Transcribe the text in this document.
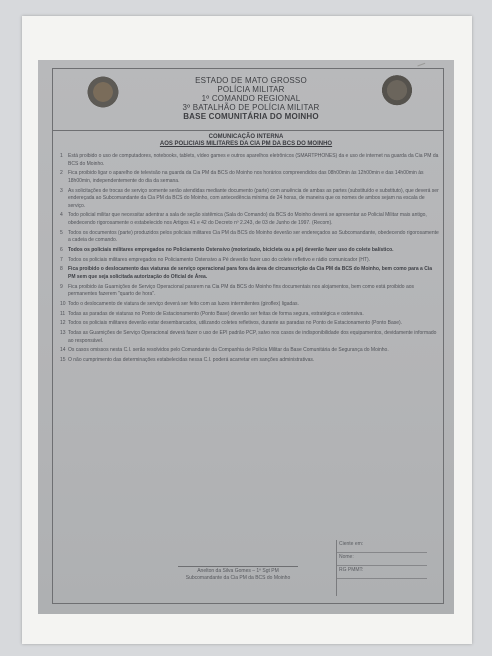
ESTADO DE MATO GROSSO
POLÍCIA MILITAR
1º COMANDO REGIONAL
3º BATALHÃO DE POLÍCIA MILITAR
BASE COMUNITÁRIA DO MOINHO
COMUNICAÇÃO INTERNA
AOS POLICIAIS MILITARES DA CIA PM DA BCS DO MOINHO
1	Está proibido o uso de computadores, notebooks, tablets, vídeo games e outros aparelhos eletrônicos (SMARTPHONES) da e uso de internet na guarda da Cia PM da BCS do Moinho.
2	Fica proibido ligar o aparelho de televisão na guarda da Cia PM da BCS do Moinho nos horários compreendidos das 08h00min às 12h00min e das 14h00min às 18h00min, independentemente do dia da semana.
3	As solicitações de trocas de serviço somente serão atendidas mediante documento (parte) com anuência de ambas as partes (substituído e substituto), que deverá ser endereçada ao Subcomandante da Cia PM da BCS do Moinho, com antecedência mínima de 24 horas, de maneira que os nomes de ambos sejam na escala de serviço.
4	Todo policial militar que necessitar adentrar a sala de seção sistêmica (Sala do Comando) da BCS do Moinho deverá se apresentar ao Policial Militar mais antigo, obedecendo rigorosamente o estabelecido nos Artigos 41 e 42 do Decreto nº 2.243, de 03 de Junho de 1997. (Recom).
5	Todos os documentos (parte) produzidos pelos policiais militares Cia PM da BCS do Moinho deverão ser endereçados ao Subcomandante, obedecendo rigorosamente a cadeia de comando.
6	Todos os policiais militares empregados no Policiamento Ostensivo (motorizado, bicicleta ou a pé) deverão fazer uso do colete balístico.
7	Todos os policiais militares empregados no Policiamento Ostensivo a Pé deverão fazer uso do colete refletivo e rádio comunicador (HT).
8	Fica proibido o deslocamento das viaturas de serviço operacional para fora da área de circunscrição da Cia PM da BCS do Moinho, bem como para a Cia PM sem que seja solicitada autorização do Oficial de Área.
9	Fica proibido às Guarnições de Serviço Operacional pararem na Cia PM da BCS do Moinho fins documentais nos alojamentos, bem como está proibido aos permanentes fazerem "quarto de hora".
10 Todo o deslocamento de viatura de serviço deverá ser feito com as luzes intermitentes (giroflex) ligadas.
11 Todas as paradas de viaturas no Ponto de Estacionamento (Ponto Base) deverão ser feitas de forma segura, estratégica e ostensiva.
12 Todos os policiais militares deverão estar desembarcados, utilizando coletes refletivos, durante as paradas no Ponto de Estacionamento (Ponto Base).
13 Todas as Guarnições de Serviço Operacional deverá fazer o uso de EPI padrão PCP, salvo nos casos de indisponibilidade dos equipamentos, devidamente informado ao responsável.
14 Os casos omissos nesta C.I. serão resolvidos pelo Comandante da Companhia de Polícia Militar da Base Comunitária de Segurança do Moinho.
15 O não cumprimento das determinações estabelecidas nessa C.I. poderá acarretar em sanções administrativas.
Ciente em:
Nome:
RG PMMT:
Anelton da Silva Gomes – 1º Sgt PM
Subcomandante da Cia PM da BCS do Moinho
